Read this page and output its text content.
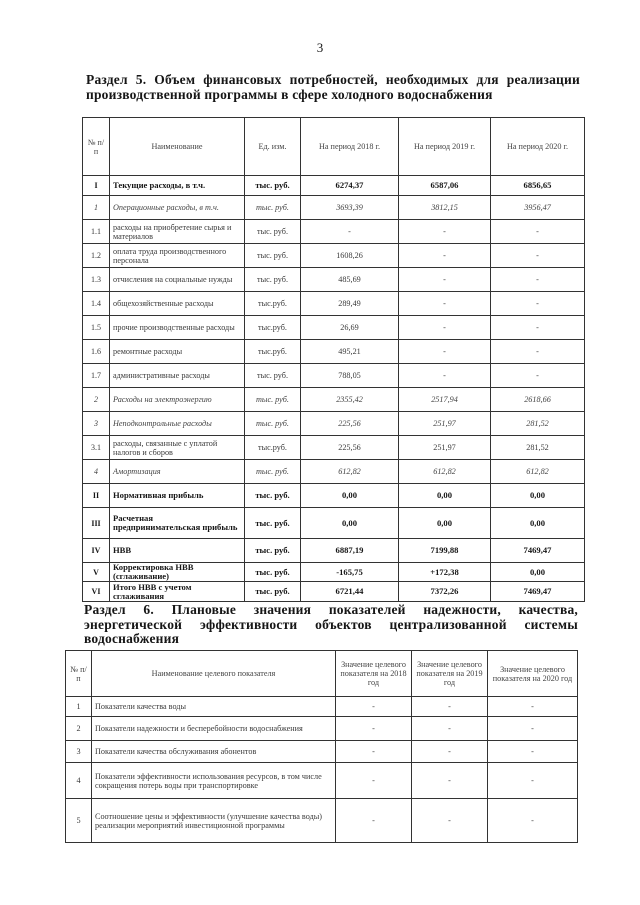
3
Раздел 5. Объем финансовых потребностей, необходимых для реализации производственной программы в сфере холодного водоснабжения
№ п/п	Наименование	Ед. изм.	На период 2018 г.	На период 2019 г.	На период 2020 г.
I	Текущие расходы, в т.ч.	тыс. руб.	6274,37	6587,06	6856,65
1	Операционные расходы, в т.ч.	тыс. руб.	3693,39	3812,15	3956,47
1.1	расходы на приобретение сырья и материалов	тыс. руб.	-	-	-
1.2	оплата труда производственного персонала	тыс. руб.	1608,26	-	-
1.3	отчисления на социальные нужды	тыс. руб.	485,69	-	-
1.4	общехозяйственные расходы	тыс.руб.	289,49	-	-
1.5	прочие производственные расходы	тыс.руб.	26,69	-	-
1.6	ремонтные расходы	тыс.руб.	495,21	-	-
1.7	административные расходы	тыс. руб.	788,05	-	-
2	Расходы на электроэнергию	тыс. руб.	2355,42	2517,94	2618,66
3	Неподконтрольные расходы	тыс. руб.	225,56	251,97	281,52
3.1	расходы, связанные с уплатой налогов и сборов	тыс.руб.	225,56	251,97	281,52
4	Амортизация	тыс. руб.	612,82	612,82	612,82
II	Нормативная прибыль	тыс. руб.	0,00	0,00	0,00
III	Расчетная предпринимательская прибыль	тыс. руб.	0,00	0,00	0,00
IV	НВВ	тыс. руб.	6887,19	7199,88	7469,47
V	Корректировка НВВ (сглаживание)	тыс. руб.	-165,75	+172,38	0,00
VI	Итого НВВ с учетом сглаживания	тыс. руб.	6721,44	7372,26	7469,47
Раздел 6. Плановые значения показателей надежности, качества, энергетической эффективности объектов централизованной системы водоснабжения
№ п/п	Наименование целевого показателя	Значение целевого показателя на 2018 год	Значение целевого показателя на 2019 год	Значение целевого показателя на 2020 год
1	Показатели качества воды	-	-	-
2	Показатели надежности и бесперебойности водоснабжения	-	-	-
3	Показатели качества обслуживания абонентов	-	-	-
4	Показатели эффективности использования ресурсов, в том числе сокращения потерь воды при транспортировке	-	-	-
5	Соотношение цены и эффективности (улучшение качества воды) реализации мероприятий инвестиционной программы	-	-	-
